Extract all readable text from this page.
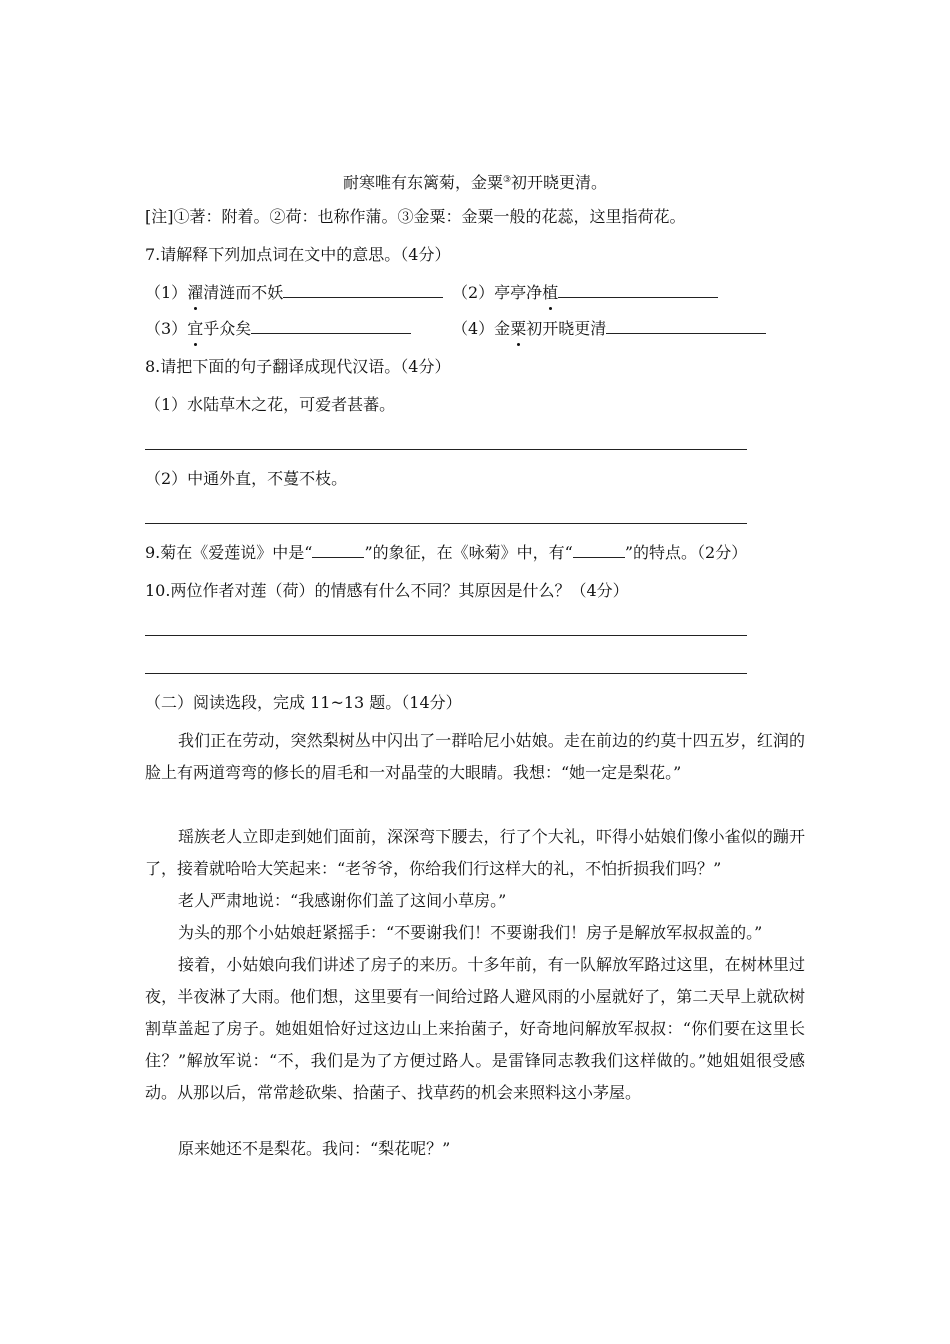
耐寒唯有东篱菊，金粟③初开晓更清。
[注]①著：附着。②荷：也称作蒲。③金粟：金粟一般的花蕊，这里指荷花。
7.请解释下列加点词在文中的意思。（4分）
（1）濯清涟而不妖	（2）亭亭净植
（3）宜乎众矣	（4）金粟初开晓更清
8.请把下面的句子翻译成现代汉语。（4分）
（1）水陆草木之花，可爱者甚蕃。
（2）中通外直，不蔓不枝。
9.菊在《爱莲说》中是“	”的象征，在《咏菊》中，有“	”的特点。（2分）
10.两位作者对莲（荷）的情感有什么不同？其原因是什么？（4分）
（二）阅读选段，完成 11~13 题。（14分）
我们正在劳动，突然梨树丛中闪出了一群哈尼小姑娘。走在前边的约莫十四五岁，红润的脸上有两道弯弯的修长的眉毛和一对晶莹的大眼睛。我想：“她一定是梨花。”
瑶族老人立即走到她们面前，深深弯下腰去，行了个大礼，吓得小姑娘们像小雀似的蹦开了，接着就哈哈大笑起来：“老爷爷，你给我们行这样大的礼，不怕折损我们吗？”
老人严肃地说：“我感谢你们盖了这间小草房。”
为头的那个小姑娘赶紧摇手：“不要谢我们！不要谢我们！房子是解放军叔叔盖的。”
接着，小姑娘向我们讲述了房子的来历。十多年前，有一队解放军路过这里，在树林里过夜，半夜淋了大雨。他们想，这里要有一间给过路人避风雨的小屋就好了，第二天早上就砍树割草盖起了房子。她姐姐恰好过这边山上来抬菌子，好奇地问解放军叔叔：“你们要在这里长住？”解放军说：“不，我们是为了方便过路人。是雷锋同志教我们这样做的。”她姐姐很受感动。从那以后，常常趁砍柴、拾菌子、找草药的机会来照料这小茅屋。
原来她还不是梨花。我问：“梨花呢？”
